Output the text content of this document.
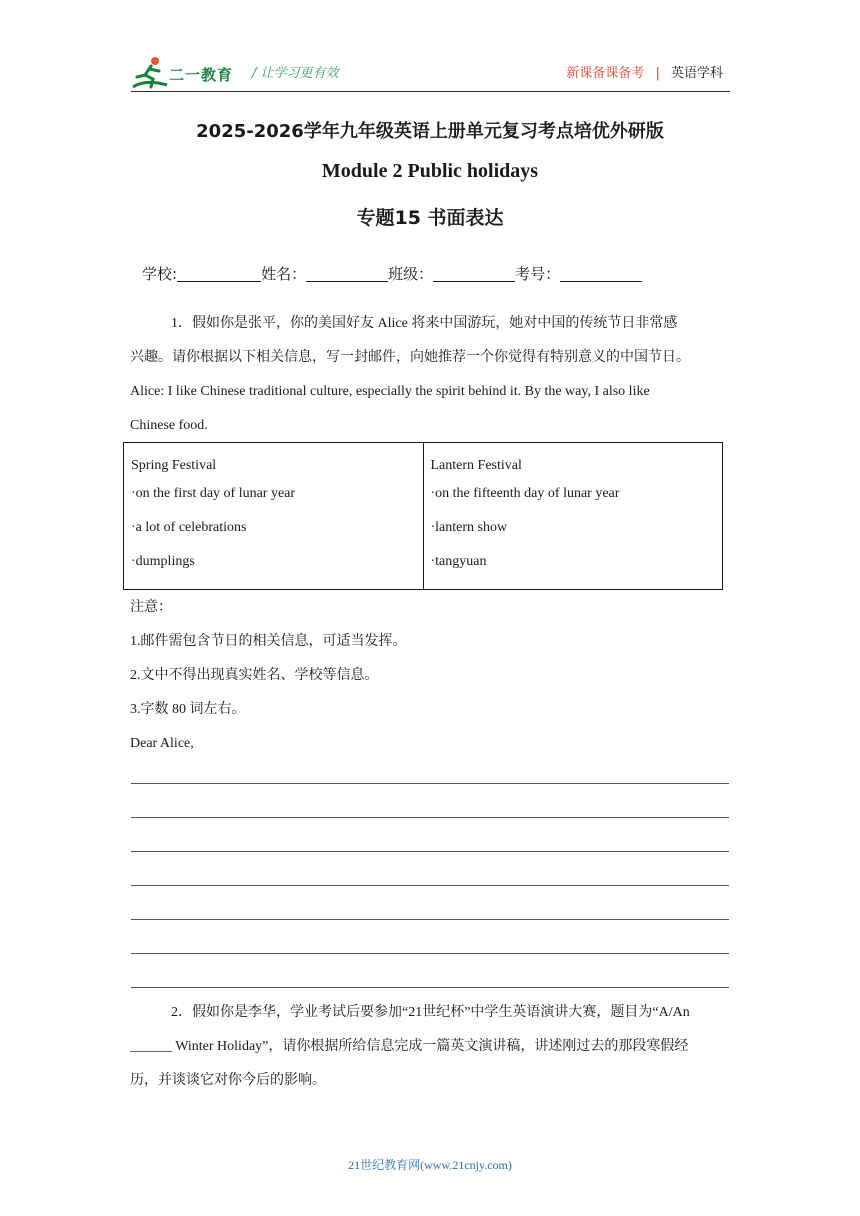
二一教育 / 让学习更有效	新课备课备考 | 英语学科
2025-2026学年九年级英语上册单元复习考点培优外研版
Module 2 Public holidays
专题15 书面表达
学校:	姓名：	班级：	考号：
1．假如你是张平，你的美国好友 Alice 将来中国游玩，她对中国的传统节日非常感
兴趣。请你根据以下相关信息，写一封邮件，向她推荐一个你觉得有特别意义的中国节日。
Alice: I like Chinese traditional culture, especially the spirit behind it. By the way, I also like
Chinese food.
Spring Festival
·on the first day of lunar year
·a lot of celebrations
·dumplings

Lantern Festival
·on the fifteenth day of lunar year
·lantern show
·tangyuan
注意：
1.邮件需包含节日的相关信息，可适当发挥。
2.文中不得出现真实姓名、学校等信息。
3.字数 80 词左右。
Dear Alice,
2．假如你是李华，学业考试后要参加“21世纪杯”中学生英语演讲大赛，题目为“A/An
______ Winter Holiday”，请你根据所给信息完成一篇英文演讲稿，讲述刚过去的那段寒假经
历，并谈谈它对你今后的影响。
21世纪教育网(www.21cnjy.com)
